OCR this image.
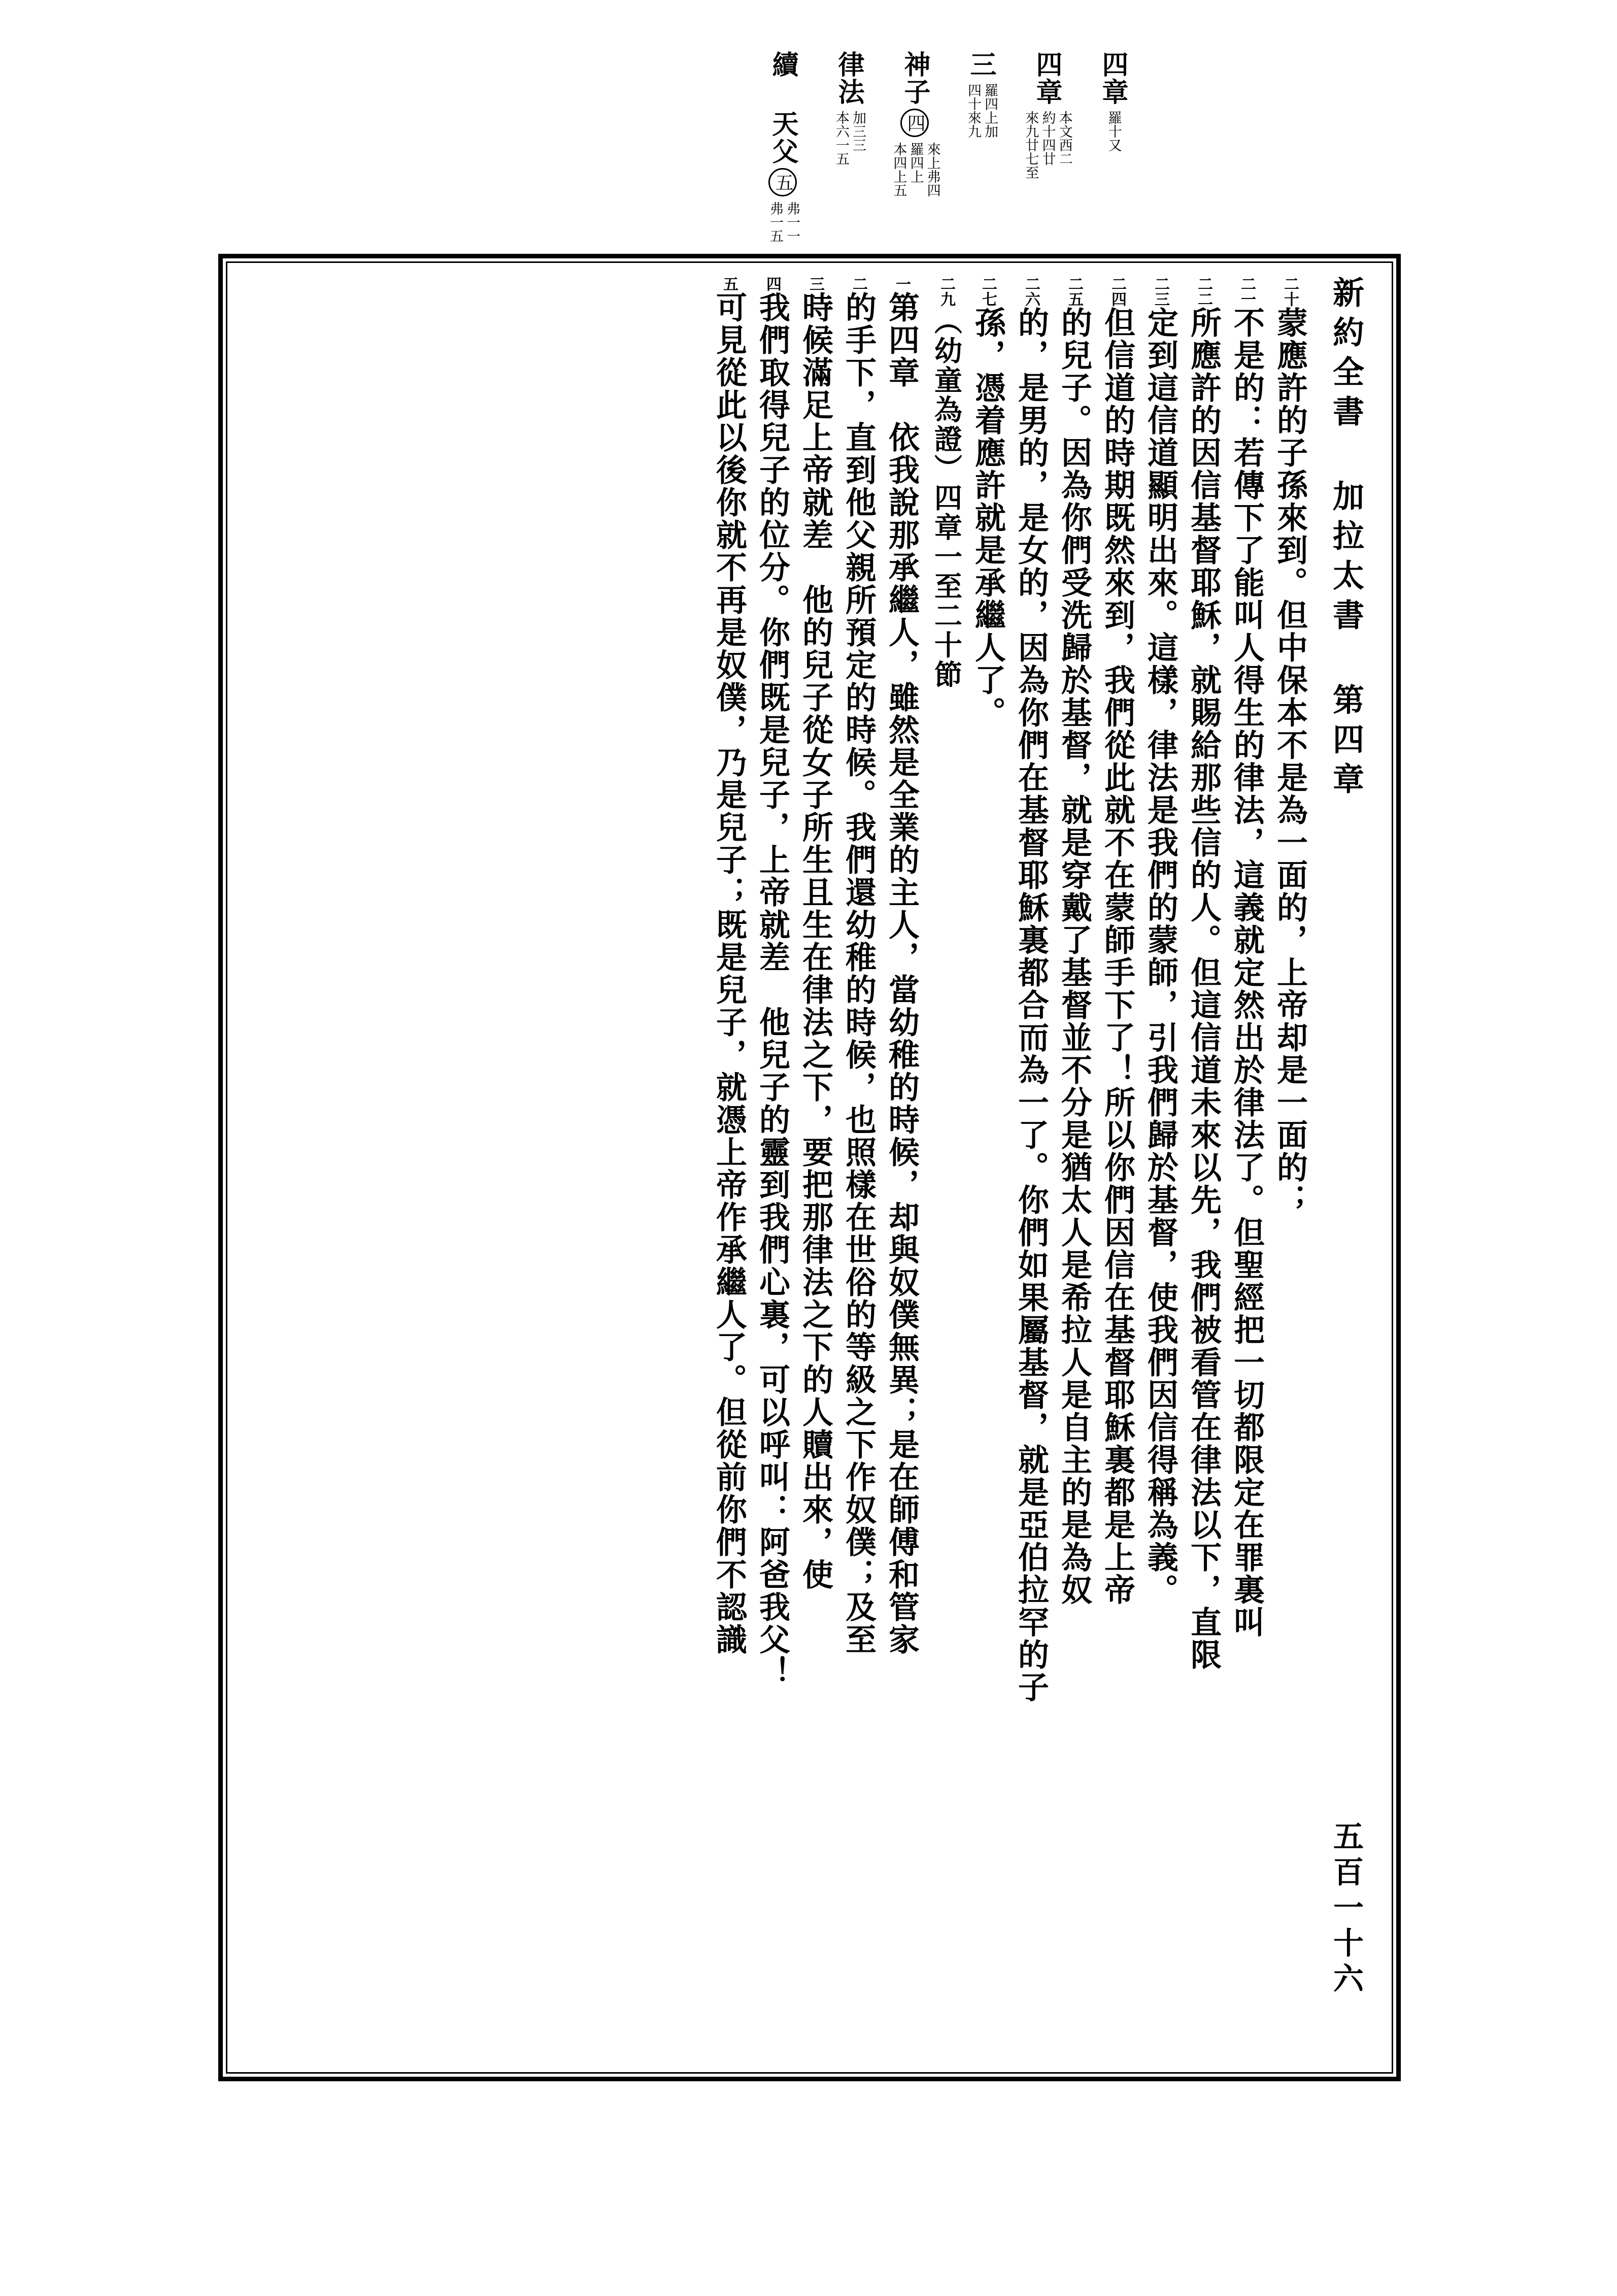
四章
羅十又
四章
本文西二
約十四廿
來九廿七至
三
羅四上加
四十來九
神子
四
來上弗四
羅四上
本四上五
律法
加三三
本六一五
續 天父
五
弗一一
弗一五
新約全書 加拉太書 第四章
五百一十六
二十蒙應許的子孫來到。但中保本不是為一面的，上帝却是一面的；
二一不是的：若傳下了能叫人得生的律法，這義就定然出於律法了。但聖經把一切都限定在罪裏叫
二二所應許的因信基督耶穌，就賜給那些信的人。但這信道未來以先，我們被看管在律法以下，直限
二三定到這信道顯明出來。這樣，律法是我們的蒙師，引我們歸於基督，使我們因信得稱為義。
二四但信道的時期既然來到，我們從此就不在蒙師手下了！所以你們因信在基督耶穌裏都是上帝
二五的兒子。因為你們受洗歸於基督，就是穿戴了基督並不分是猶太人是希拉人是自主的是為奴
二六的，是男的，是女的，因為你們在基督耶穌裏都合而為一了。你們如果屬基督，就是亞伯拉罕的子
二七孫，憑着應許就是承繼人了。
二九（幼童為證）四章一至二十節
一第四章　依我說那承繼人，雖然是全業的主人，當幼稚的時候，却與奴僕無異；是在師傅和管家
二的手下，直到他父親所預定的時候。我們還幼稚的時候，也照樣在世俗的等級之下作奴僕；及至
三時候滿足上帝就差　他的兒子從女子所生且生在律法之下，要把那律法之下的人贖出來，使
四我們取得兒子的位分。你們既是兒子，上帝就差　他兒子的靈到我們心裏，可以呼叫：阿爸我父！
五可見從此以後你就不再是奴僕，乃是兒子；既是兒子，就憑上帝作承繼人了。但從前你們不認識
